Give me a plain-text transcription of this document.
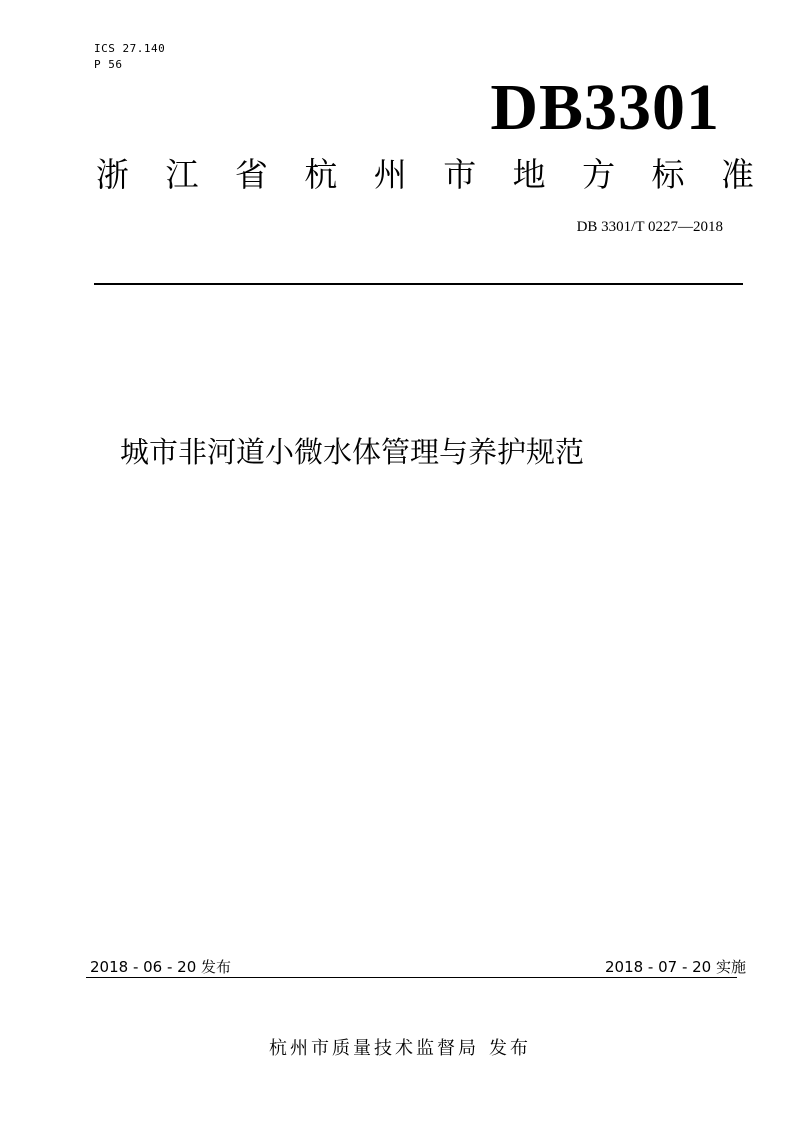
ICS 27.140
P 56
DB3301
浙 江 省 杭 州 市 地 方 标 准
DB 3301/T 0227—2018
城市非河道小微水体管理与养护规范
2018 - 06 - 20 发布	2018 - 07 - 20 实施
杭州市质量技术监督局 发布
